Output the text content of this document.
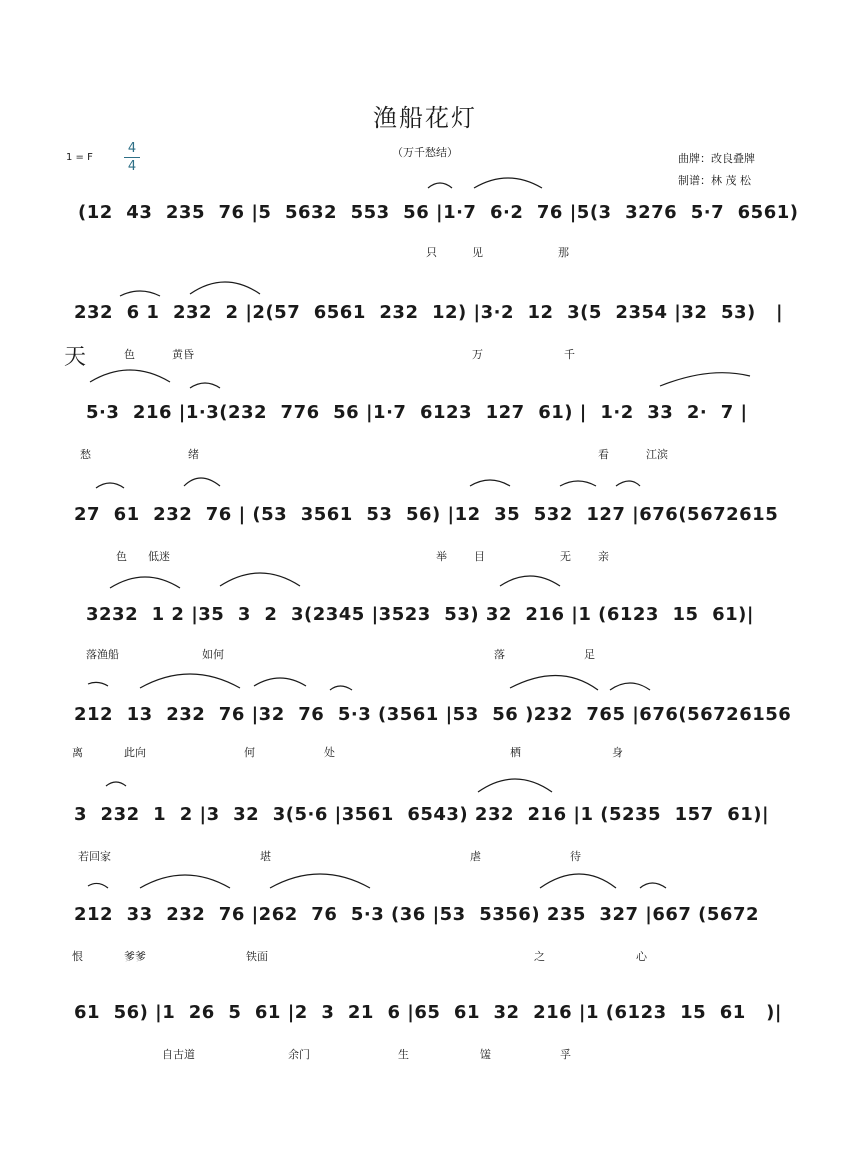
渔船花灯
（万千愁结）
1 = F
4
4
曲牌：改良叠牌
制谱：林 茂 松
天
(12  43  235  76 |5  5632  553  56 |1·7  6·2  76 |5(3  3276  5·7  6561)
只	见	那
232  6 1  232  2 |2(57  6561  232  12) |3·2  12  3(5  2354 |32  53)   |
色	黄昏	万	千
5·3  216 |1·3(232  776  56 |1·7  6123  127  61) |  1·2  33  2·  7 |
愁	绪	看	江滨
27  61  232  76 | (53  3561  53  56) |12  35  532  127 |676(5672615
色 低迷	举 目	无 亲
3232  1 2 |35  3  2  3(2345 |3523  53) 32  216 |1 (6123  15  61)|
落渔船	如何	落	足
212  13  232  76 |32  76  5·3 (3561 |53  56 )232  765 |676(56726156
离	此向	何	处	栖	身
3  232  1  2 |3  32  3(5·6 |3561  6543) 232  216 |1 (5235  157  61)|
若回家	堪	虐	待
212  33  232  76 |262  76  5·3 (36 |53  5356) 235  327 |667 (5672
恨	爹爹	铁面	之	心
61  56) |1  26  5  61 |2  3  21  6 |65  61  32  216 |1 (6123  15  61   )|
自古道	余门	生	馐	孚
